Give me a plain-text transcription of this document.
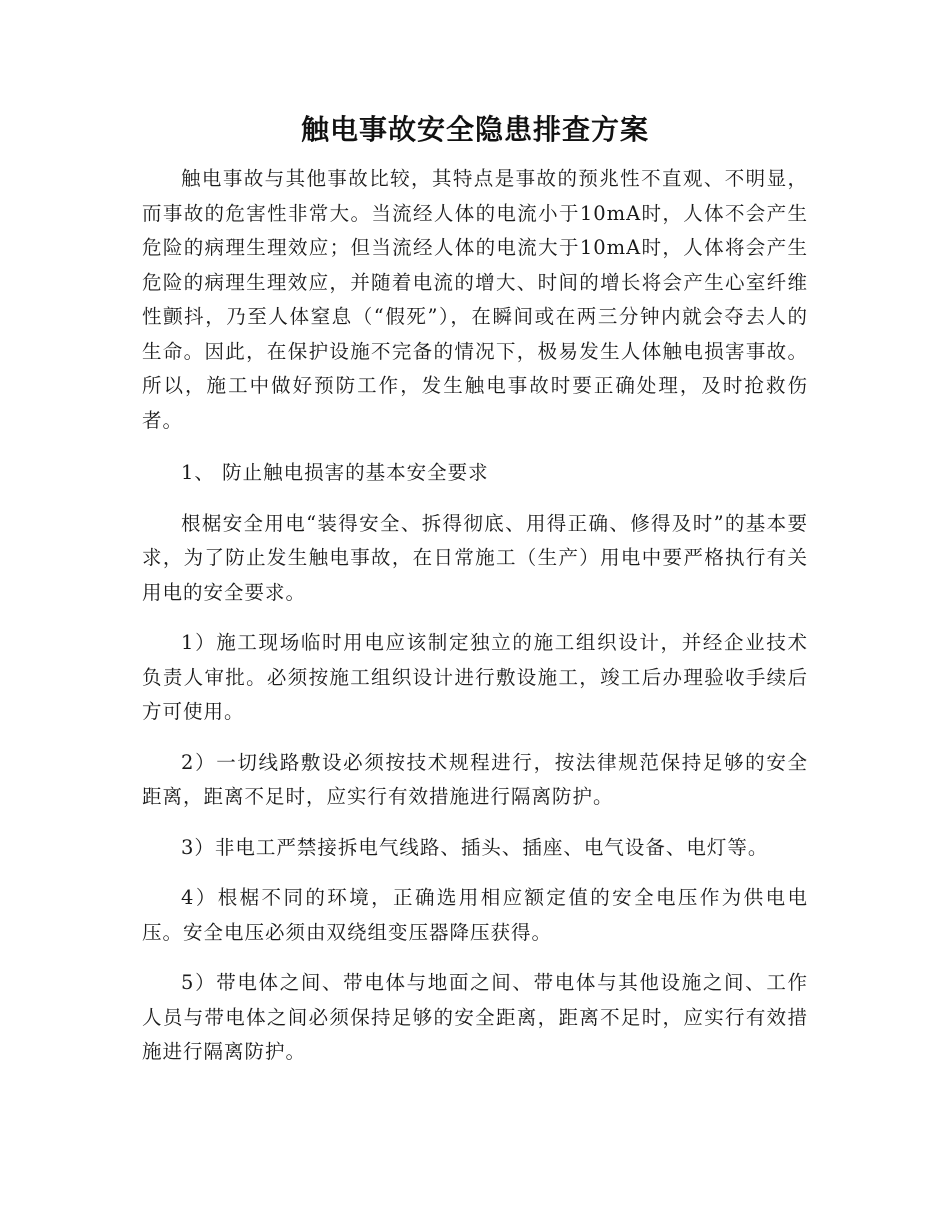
触电事故安全隐患排查方案

触电事故与其他事故比较，其特点是事故的预兆性不直观、不明显，而事故的危害性非常大。当流经人体的电流小于10mA时，人体不会产生危险的病理生理效应；但当流经人体的电流大于10mA时，人体将会产生危险的病理生理效应，并随着电流的增大、时间的增长将会产生心室纤维性颤抖，乃至人体窒息（“假死”），在瞬间或在两三分钟内就会夺去人的生命。因此，在保护设施不完备的情况下，极易发生人体触电损害事故。所以，施工中做好预防工作，发生触电事故时要正确处理，及时抢救伤者。

1、 防止触电损害的基本安全要求

根椐安全用电“装得安全、拆得彻底、用得正确、修得及时”的基本要求，为了防止发生触电事故，在日常施工（生产）用电中要严格执行有关用电的安全要求。

1）施工现场临时用电应该制定独立的施工组织设计，并经企业技术负责人审批。必须按施工组织设计进行敷设施工，竣工后办理验收手续后方可使用。

2）一切线路敷设必须按技术规程进行，按法律规范保持足够的安全距离，距离不足时，应实行有效措施进行隔离防护。

3）非电工严禁接拆电气线路、插头、插座、电气设备、电灯等。

4）根椐不同的环境，正确选用相应额定值的安全电压作为供电电压。安全电压必须由双绕组变压器降压获得。

5）带电体之间、带电体与地面之间、带电体与其他设施之间、工作人员与带电体之间必须保持足够的安全距离，距离不足时，应实行有效措施进行隔离防护。
